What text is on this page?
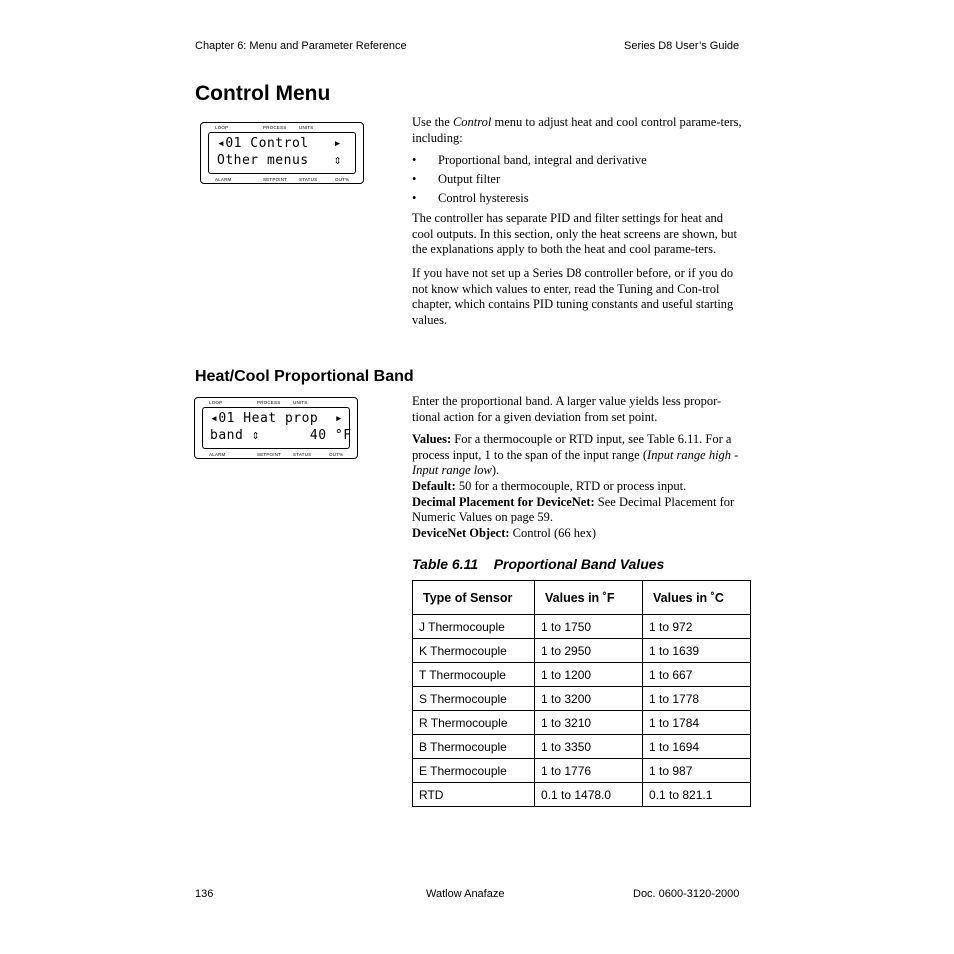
Chapter 6: Menu and Parameter Reference	Series D8 User’s Guide
Control Menu
LOOP	PROCESS	UNITS
◂01 Control   ▸
Other menus   ⇕
ALARM	SETPOINT	STATUS	OUT%

Use the Control menu to adjust heat and cool control parame-ters, including:

• Proportional band, integral and derivative
• Output filter
• Control hysteresis

The controller has separate PID and filter settings for heat and cool outputs. In this section, only the heat screens are shown, but the explanations apply to both the heat and cool parame-ters.

If you have not set up a Series D8 controller before, or if you do not know which values to enter, read the Tuning and Con-trol chapter, which contains PID tuning constants and useful starting values.

Heat/Cool Proportional Band
LOOP	PROCESS	UNITS
◂01 Heat prop  ▸
band ⇕      40 °F
ALARM	SETPOINT	STATUS	OUT%

Enter the proportional band. A larger value yields less propor-tional action for a given deviation from set point.

Values: For a thermocouple or RTD input, see Table 6.11. For a process input, 1 to the span of the input range (Input range high - Input range low).

Default: 50 for a thermocouple, RTD or process input.

Decimal Placement for DeviceNet: See Decimal Placement for Numeric Values on page 59.

DeviceNet Object: Control (66 hex)

Table 6.11    Proportional Band Values
Type of Sensor	Values in ˚F	Values in ˚C
J Thermocouple	1 to 1750	1 to 972
K Thermocouple	1 to 2950	1 to 1639
T Thermocouple	1 to 1200	1 to 667
S Thermocouple	1 to 3200	1 to 1778
R Thermocouple	1 to 3210	1 to 1784
B Thermocouple	1 to 3350	1 to 1694
E Thermocouple	1 to 1776	1 to 987
RTD	0.1 to 1478.0	0.1 to 821.1
136	Watlow Anafaze	Doc. 0600-3120-2000
